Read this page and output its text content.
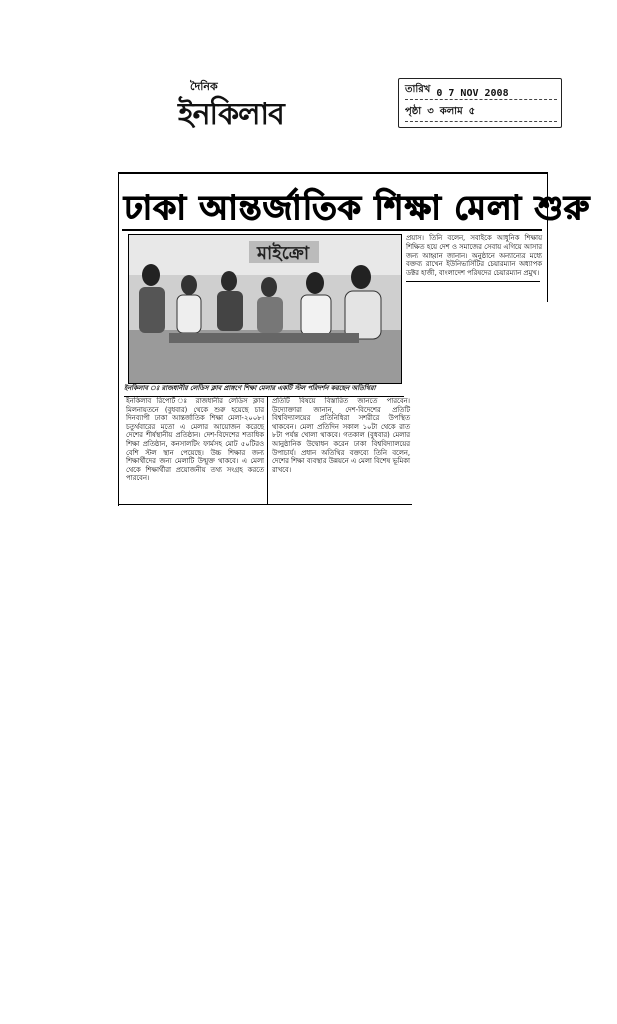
দৈনিক
ইনকিলাব
তারিখ 0 7 NOV 2008
পৃষ্ঠা ৩ কলাম ৫
ঢাকা আন্তর্জাতিক শিক্ষা মেলা শুরু
মাইক্রো
ইনকিলাব ঃ রাজধানীর লেডিস ক্লাব প্রাঙ্গণে শিক্ষা মেলার একটি স্টল পরিদর্শন করছেন অতিথিরা
প্রয়াস। তিনি বলেন, সবাইকে আধুনিক শিক্ষায় শিক্ষিত হয়ে দেশ ও সমাজের সেবায় এগিয়ে আসার জন্য আহ্বান জানান। অনুষ্ঠানে অন্যান্যের মধ্যে বক্তব্য রাখেন ইউনিভার্সিটির চেয়ারম্যান অধ্যাপক ডক্টর হাজী, বাংলাদেশ পরিষদের চেয়ারম্যান প্রমুখ।
ইনকিলাব রিপোর্ট ঃ রাজধানীর লেডিস ক্লাব মিলনায়তনে (বুধবার) থেকে শুরু হয়েছে চার দিনব্যাপী ঢাকা আন্তর্জাতিক শিক্ষা মেলা-২০০৮। চতুর্থবারের মতো এ মেলার আয়োজন করেছে দেশের শীর্ষস্থানীয় প্রতিষ্ঠান। দেশ-বিদেশের শতাধিক শিক্ষা প্রতিষ্ঠান, কনসালটিং ফার্মসহ মোট ৫০টিরও বেশি স্টল স্থান পেয়েছে। উচ্চ শিক্ষার জন্য শিক্ষার্থীদের জন্য মেলাটি উন্মুক্ত থাকবে। এ মেলা থেকে শিক্ষার্থীরা প্রয়োজনীয় তথ্য সংগ্রহ করতে পারবেন।
প্রতিটি বিষয়ে বিস্তারিত জানতে পারবেন। উদ্যোক্তারা জানান, দেশ-বিদেশের প্রতিটি বিশ্ববিদ্যালয়ের প্রতিনিধিরা সশরীরে উপস্থিত থাকবেন। মেলা প্রতিদিন সকাল ১০টা থেকে রাত ৮টা পর্যন্ত খোলা থাকবে। গতকাল (বুধবার) মেলার আনুষ্ঠানিক উদ্বোধন করেন ঢাকা বিশ্ববিদ্যালয়ের উপাচার্য। প্রধান অতিথির বক্তব্যে তিনি বলেন, দেশের শিক্ষা ব্যবস্থার উন্নয়নে এ মেলা বিশেষ ভূমিকা রাখবে।
